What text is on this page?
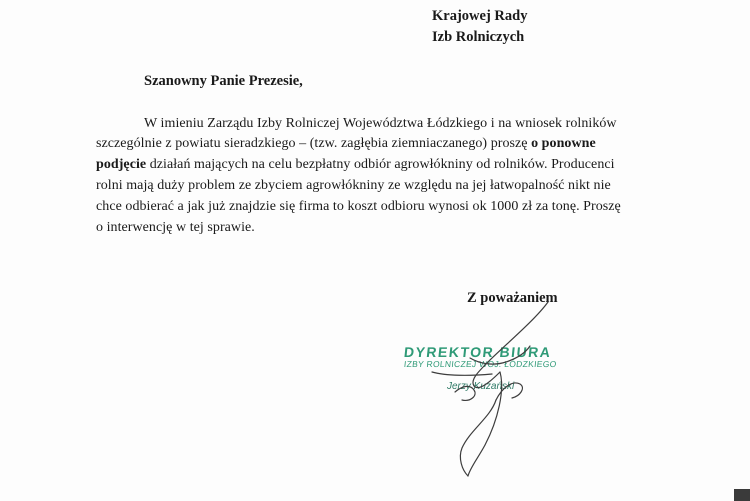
Krajowej Rady
Izb Rolniczych
Szanowny Panie Prezesie,
W imieniu Zarządu Izby Rolniczej Województwa Łódzkiego i na wniosek rolników
szczególnie z powiatu sieradzkiego – (tzw. zagłębia ziemniaczanego) proszę o ponowne
podjęcie działań mających na celu bezpłatny odbiór agrowłókniny od rolników. Producenci
rolni mają duży problem ze zbyciem agrowłókniny ze względu na jej łatwopalność nikt nie
chce odbierać a jak już znajdzie się firma to koszt odbioru wynosi ok 1000 zł za tonę. Proszę
o interwencję w tej sprawie.
Z poważaniem
DYREKTOR BIURA
IZBY ROLNICZEJ WOJ. ŁÓDZKIEGO
Jerzy Kuzański
